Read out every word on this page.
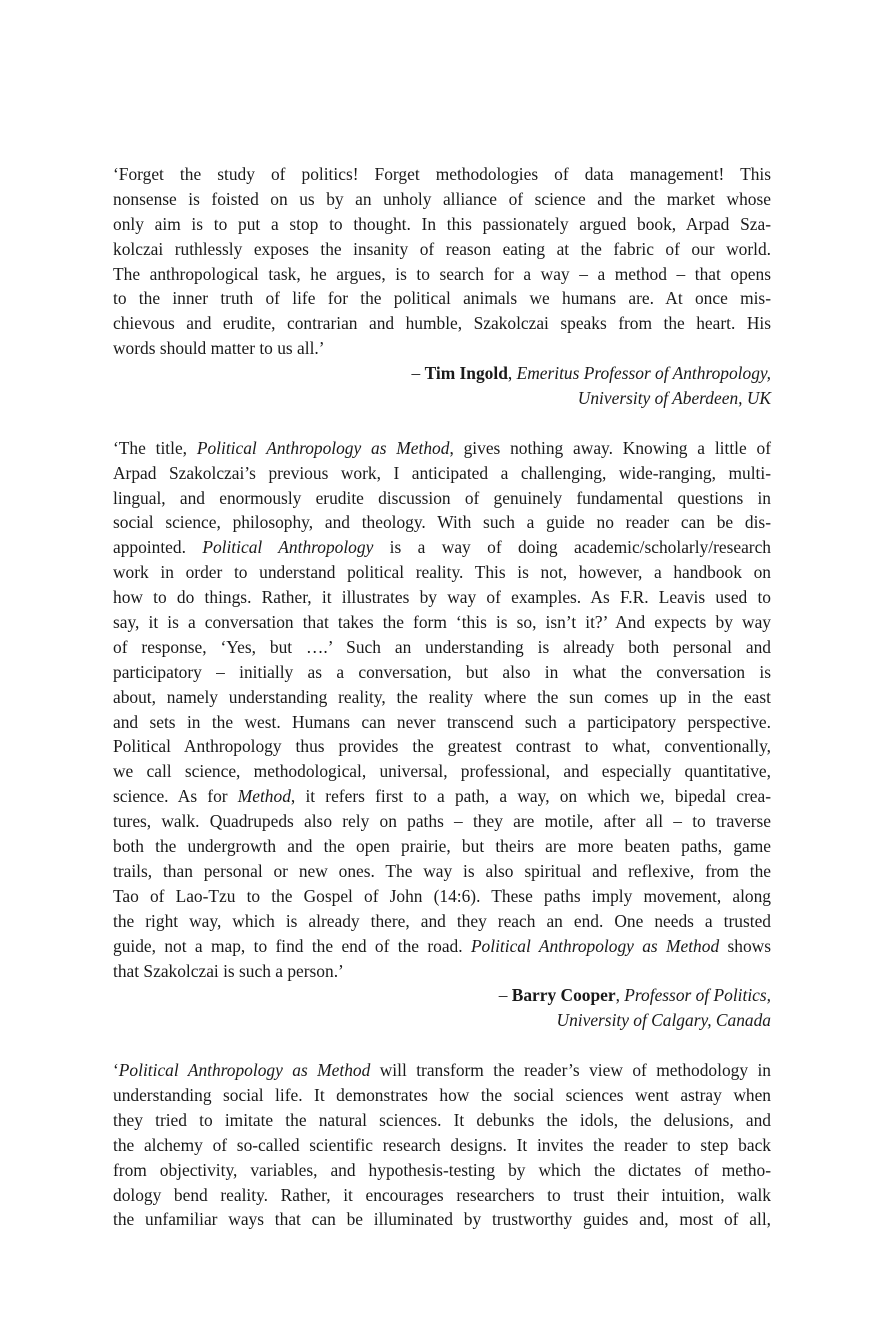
‘Forget the study of politics! Forget methodologies of data management! This
nonsense is foisted on us by an unholy alliance of science and the market whose
only aim is to put a stop to thought. In this passionately argued book, Arpad Sza-
kolczai ruthlessly exposes the insanity of reason eating at the fabric of our world.
The anthropological task, he argues, is to search for a way – a method – that opens
to the inner truth of life for the political animals we humans are. At once mis-
chievous and erudite, contrarian and humble, Szakolczai speaks from the heart. His
words should matter to us all.’
– Tim Ingold, Emeritus Professor of Anthropology,
University of Aberdeen, UK
‘The title, Political Anthropology as Method, gives nothing away. Knowing a little of
Arpad Szakolczai’s previous work, I anticipated a challenging, wide-ranging, multi-
lingual, and enormously erudite discussion of genuinely fundamental questions in
social science, philosophy, and theology. With such a guide no reader can be dis-
appointed. Political Anthropology is a way of doing academic/scholarly/research
work in order to understand political reality. This is not, however, a handbook on
how to do things. Rather, it illustrates by way of examples. As F.R. Leavis used to
say, it is a conversation that takes the form ‘this is so, isn’t it?’ And expects by way
of response, ‘Yes, but ….’ Such an understanding is already both personal and
participatory – initially as a conversation, but also in what the conversation is
about, namely understanding reality, the reality where the sun comes up in the east
and sets in the west. Humans can never transcend such a participatory perspective.
Political Anthropology thus provides the greatest contrast to what, conventionally,
we call science, methodological, universal, professional, and especially quantitative,
science. As for Method, it refers first to a path, a way, on which we, bipedal crea-
tures, walk. Quadrupeds also rely on paths – they are motile, after all – to traverse
both the undergrowth and the open prairie, but theirs are more beaten paths, game
trails, than personal or new ones. The way is also spiritual and reflexive, from the
Tao of Lao-Tzu to the Gospel of John (14:6). These paths imply movement, along
the right way, which is already there, and they reach an end. One needs a trusted
guide, not a map, to find the end of the road. Political Anthropology as Method shows
that Szakolczai is such a person.’
– Barry Cooper, Professor of Politics,
University of Calgary, Canada
‘Political Anthropology as Method will transform the reader’s view of methodology in
understanding social life. It demonstrates how the social sciences went astray when
they tried to imitate the natural sciences. It debunks the idols, the delusions, and
the alchemy of so-called scientific research designs. It invites the reader to step back
from objectivity, variables, and hypothesis-testing by which the dictates of metho-
dology bend reality. Rather, it encourages researchers to trust their intuition, walk
the unfamiliar ways that can be illuminated by trustworthy guides and, most of all,
